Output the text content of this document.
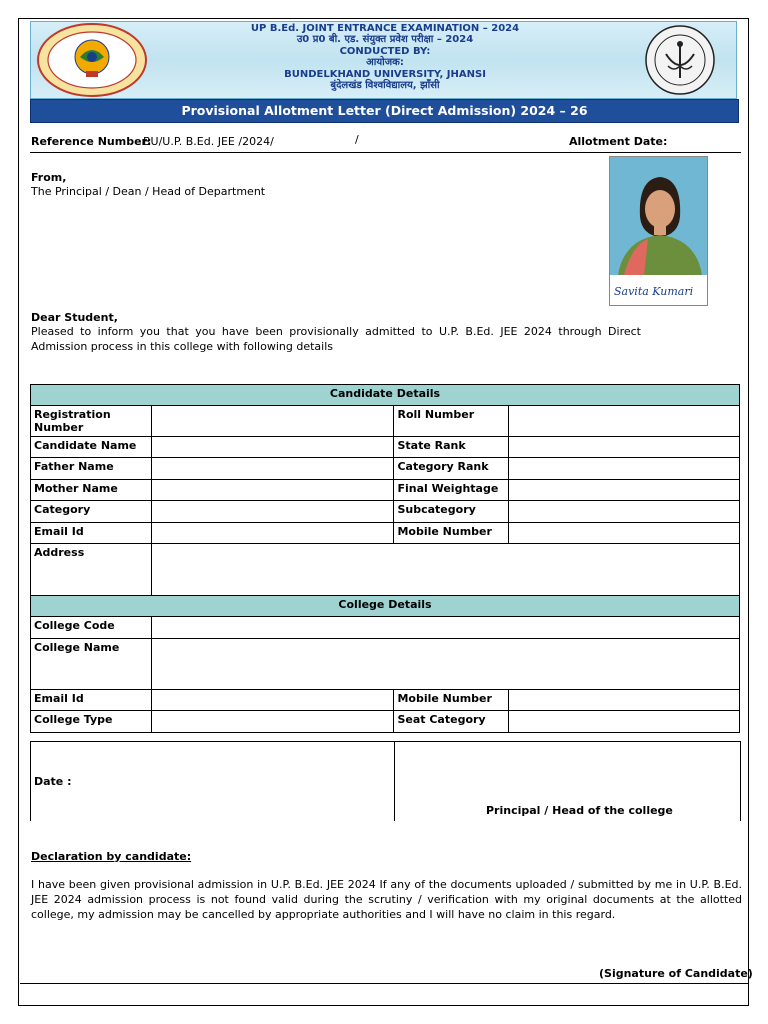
UP B.Ed. JOINT ENTRANCE EXAMINATION – 2024
उ0 प्र0 बी. एड. संयुक्त प्रवेश परीक्षा – 2024
CONDUCTED BY:
आयोजक:
BUNDELKHAND UNIVERSITY, JHANSI
बुंदेलखंड विश्वविद्यालय, झाँसी
Provisional Allotment Letter (Direct Admission) 2024 – 26
Reference Number:
BU/U.P. B.Ed. JEE /2024/	/	Allotment Date:
From,
The Principal / Dean / Head of Department
Savita Kumari
Dear Student,
Pleased to inform you that you have been provisionally admitted to U.P. B.Ed. JEE 2024 through Direct Admission process in this college with following details
Candidate Details			
Registration Number		Roll Number	
Candidate Name		State Rank	
Father Name		Category Rank	
Mother Name		Final Weightage	
Category		Subcategory	
Email Id		Mobile Number	
Address			
College Details			
College Code			
College Name			
Email Id		Mobile Number	
College Type		Seat Category	
Date :
Principal / Head of the college
Declaration by candidate:
I have been given provisional admission in U.P. B.Ed. JEE 2024 If any of the documents uploaded / submitted by me in U.P. B.Ed. JEE 2024 admission process is not found valid during the scrutiny / verification with my original documents at the allotted college, my admission may be cancelled by appropriate authorities and I will have no claim in this regard.
(Signature of Candidate)
